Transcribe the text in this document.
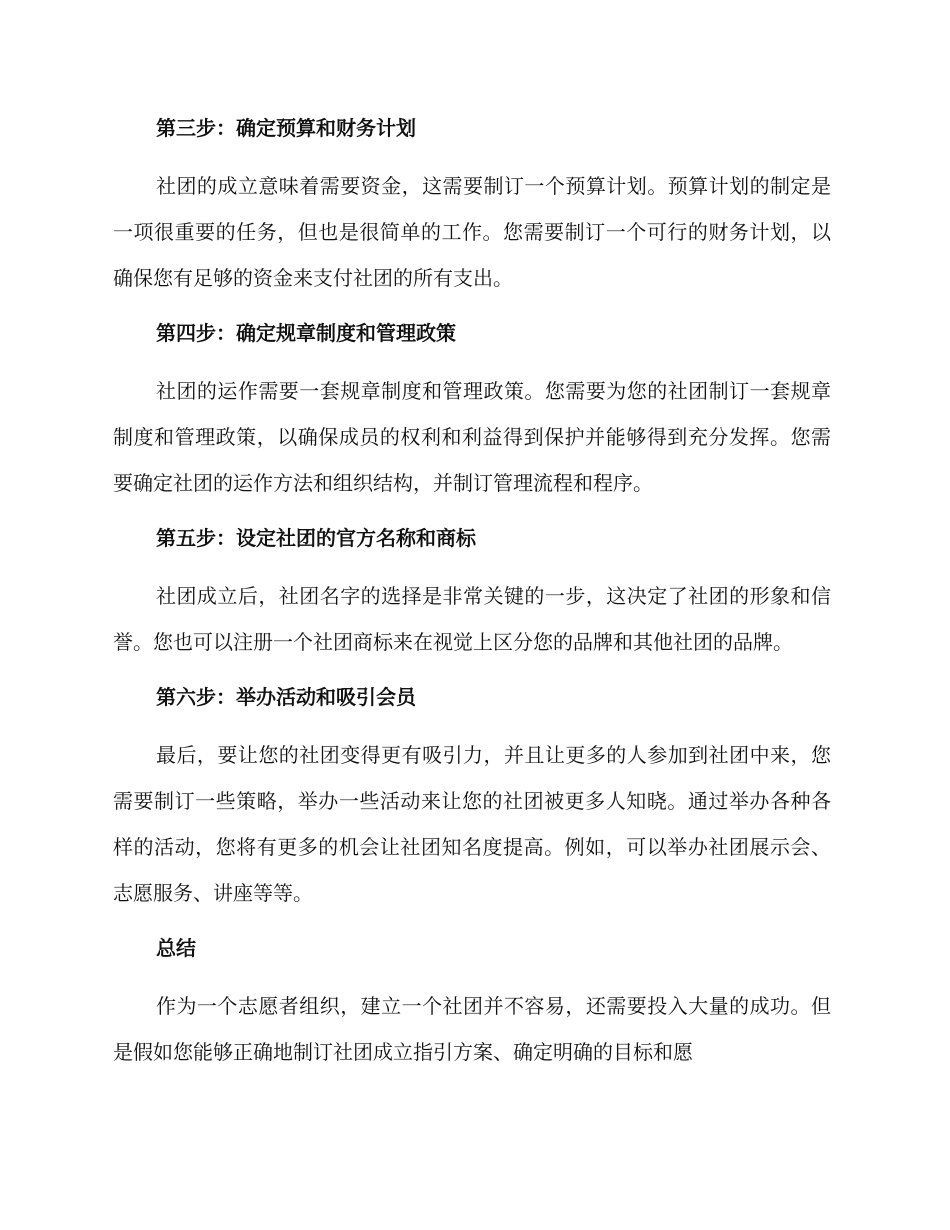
第三步：确定预算和财务计划
社团的成立意味着需要资金，这需要制订一个预算计划。预算计划的制定是一项很重要的任务，但也是很简单的工作。您需要制订一个可行的财务计划，以确保您有足够的资金来支付社团的所有支出。
第四步：确定规章制度和管理政策
社团的运作需要一套规章制度和管理政策。您需要为您的社团制订一套规章制度和管理政策，以确保成员的权利和利益得到保护并能够得到充分发挥。您需要确定社团的运作方法和组织结构，并制订管理流程和程序。
第五步：设定社团的官方名称和商标
社团成立后，社团名字的选择是非常关键的一步，这决定了社团的形象和信誉。您也可以注册一个社团商标来在视觉上区分您的品牌和其他社团的品牌。
第六步：举办活动和吸引会员
最后，要让您的社团变得更有吸引力，并且让更多的人参加到社团中来，您需要制订一些策略，举办一些活动来让您的社团被更多人知晓。通过举办各种各样的活动，您将有更多的机会让社团知名度提高。例如，可以举办社团展示会、志愿服务、讲座等等。
总结
作为一个志愿者组织，建立一个社团并不容易，还需要投入大量的成功。但是假如您能够正确地制订社团成立指引方案、确定明确的目标和愿
